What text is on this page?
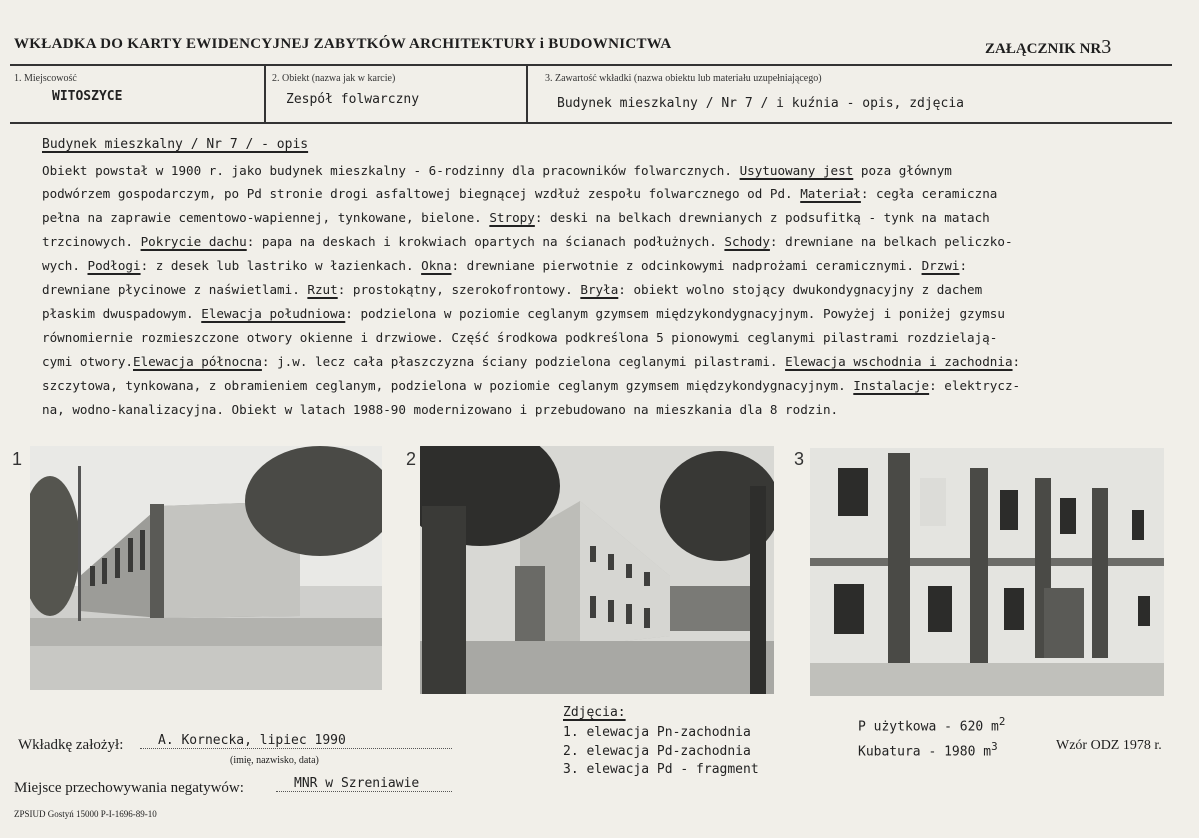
WKŁADKA DO KARTY EWIDENCYJNEJ ZABYTKÓW ARCHITEKTURY i BUDOWNICTWA	ZAŁĄCZNIK NR3
1. Miejscowość
WITOSZYCE
2. Obiekt (nazwa jak w karcie)
Zespół folwarczny
3. Zawartość wkładki (nazwa obiektu lub materiału uzupełniającego)
Budynek mieszkalny / Nr 7 / i kuźnia - opis, zdjęcia
Budynek mieszkalny / Nr 7 / - opis
Obiekt powstał w 1900 r. jako budynek mieszkalny - 6-rodzinny dla pracowników folwarcznych. Usytuowany jest poza głównym
podwórzem gospodarczym, po Pd stronie drogi asfaltowej biegnącej wzdłuż zespołu folwarcznego od Pd. Materiał: cegła ceramiczna
pełna na zaprawie cementowo-wapiennej, tynkowane, bielone. Stropy: deski na belkach drewnianych z podsufitką - tynk na matach
trzcinowych. Pokrycie dachu: papa na deskach i krokwiach opartych na ścianach podłużnych. Schody: drewniane na belkach peliczko-
wych. Podłogi: z desek lub lastriko w łazienkach. Okna: drewniane pierwotnie z odcinkowymi nadprożami ceramicznymi. Drzwi:
drewniane płycinowe z naświetlami. Rzut: prostokątny, szerokofrontowy. Bryła: obiekt wolno stojący dwukondygnacyjny z dachem
płaskim dwuspadowym. Elewacja południowa: podzielona w poziomie ceglanym gzymsem międzykondygnacyjnym. Powyżej i poniżej gzymsu
równomiernie rozmieszczone otwory okienne i drzwiowe. Część środkowa podkreślona 5 pionowymi ceglanymi pilastrami rozdzielają-
cymi otwory.Elewacja północna: j.w. lecz cała płaszczyzna ściany podzielona ceglanymi pilastrami. Elewacja wschodnia i zachodnia:
szczytowa, tynkowana, z obramieniem ceglanym, podzielona w poziomie ceglanym gzymsem międzykondygnacyjnym. Instalacje: elektrycz-
na, wodno-kanalizacyjna. Obiekt w latach 1988-90 modernizowano i przebudowano na mieszkania dla 8 rodzin.
1	2	3
Wkładkę założył:	A. Kornecka, lipiec 1990
(imię, nazwisko, data)
Miejsce przechowywania negatywów:	MNR w Szreniawie
ZPSIUD Gostyń 15000 P-I-1696-89-10
Zdjęcia:
1. elewacja Pn-zachodnia
2. elewacja Pd-zachodnia
3. elewacja Pd - fragment
P użytkowa - 620 $m^2$
Kubatura - 1980 $m^3$	Wzór ODZ 1978 r.
